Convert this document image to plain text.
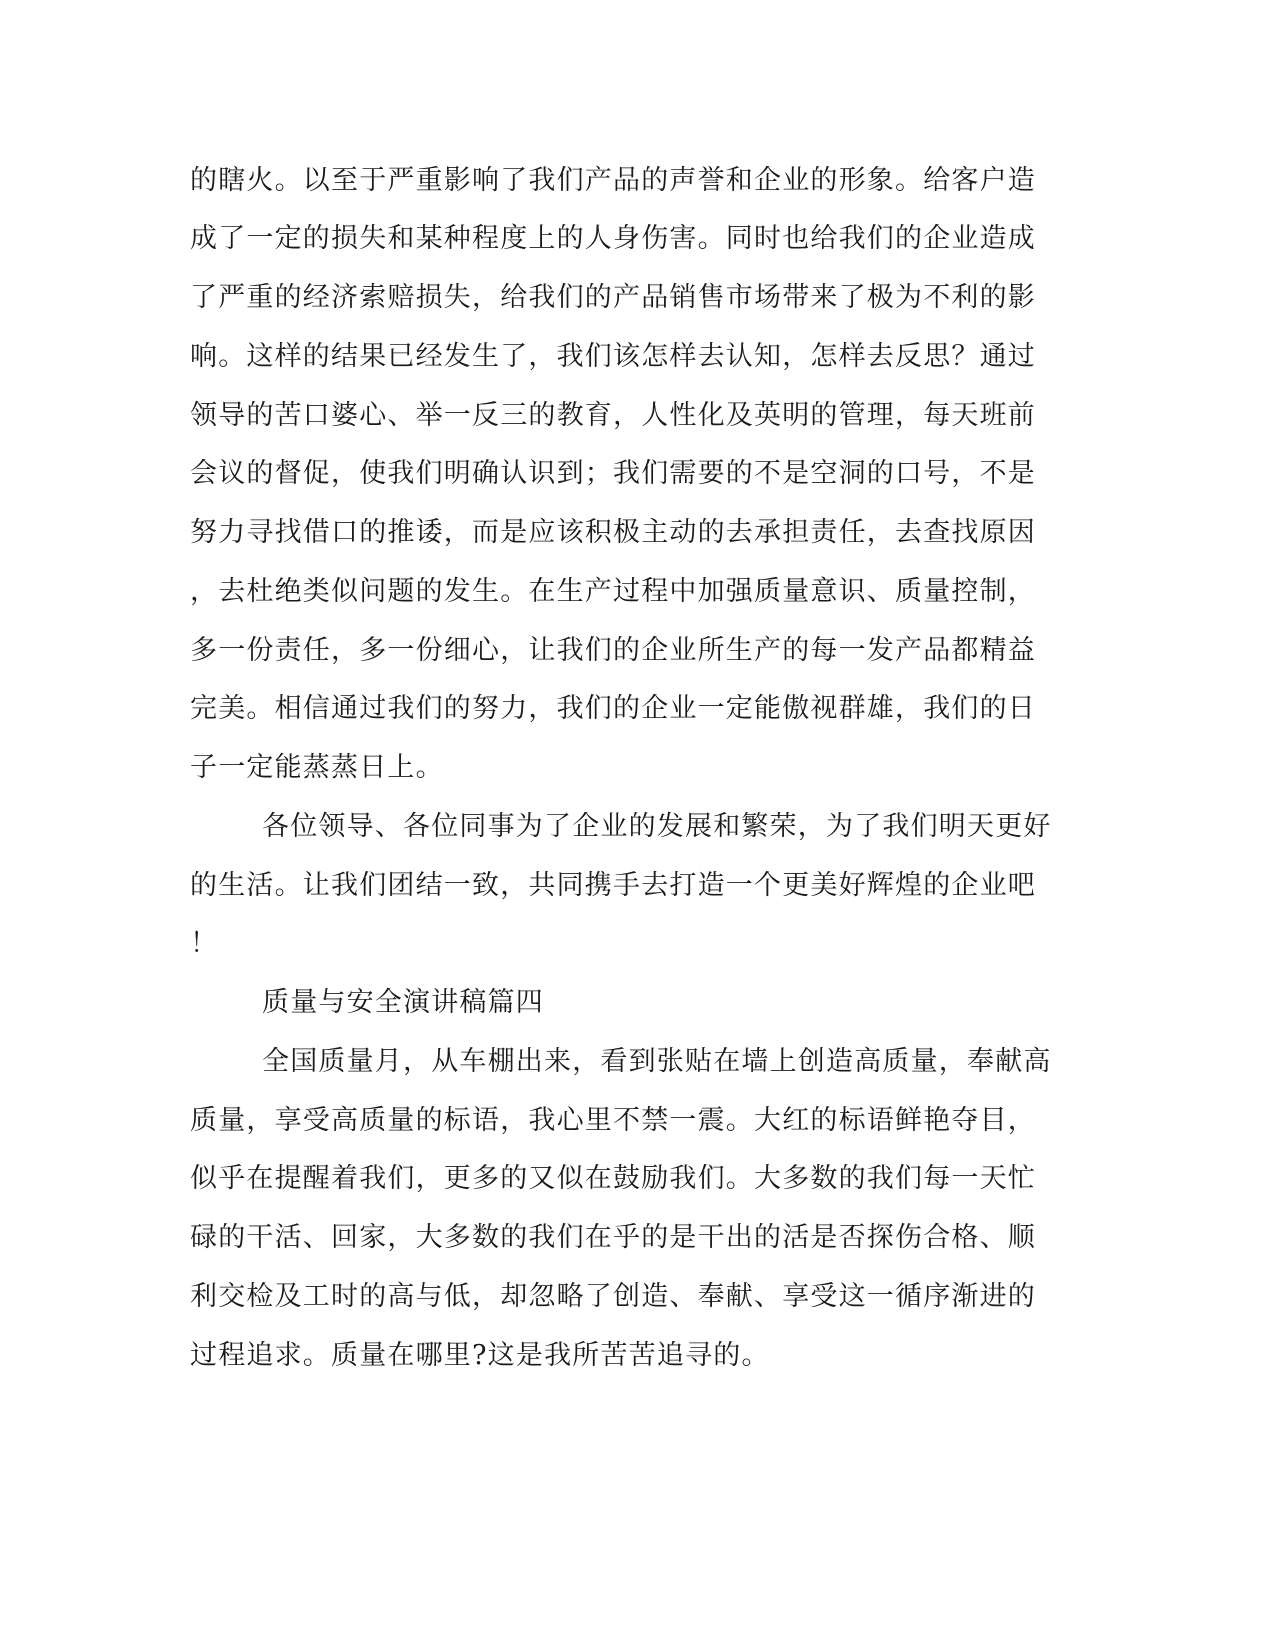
的瞎火。以至于严重影响了我们产品的声誉和企业的形象。给客户造
成了一定的损失和某种程度上的人身伤害。同时也给我们的企业造成
了严重的经济索赔损失，给我们的产品销售市场带来了极为不利的影
响。这样的结果已经发生了，我们该怎样去认知，怎样去反思？通过
领导的苦口婆心、举一反三的教育，人性化及英明的管理，每天班前
会议的督促，使我们明确认识到；我们需要的不是空洞的口号，不是
努力寻找借口的推诿，而是应该积极主动的去承担责任，去查找原因
，去杜绝类似问题的发生。在生产过程中加强质量意识、质量控制，
多一份责任，多一份细心，让我们的企业所生产的每一发产品都精益
完美。相信通过我们的努力，我们的企业一定能傲视群雄，我们的日
子一定能蒸蒸日上。
各位领导、各位同事为了企业的发展和繁荣，为了我们明天更好
的生活。让我们团结一致，共同携手去打造一个更美好辉煌的企业吧
！
质量与安全演讲稿篇四
全国质量月，从车棚出来，看到张贴在墙上创造高质量，奉献高
质量，享受高质量的标语，我心里不禁一震。大红的标语鲜艳夺目，
似乎在提醒着我们，更多的又似在鼓励我们。大多数的我们每一天忙
碌的干活、回家，大多数的我们在乎的是干出的活是否探伤合格、顺
利交检及工时的高与低，却忽略了创造、奉献、享受这一循序渐进的
过程追求。质量在哪里?这是我所苦苦追寻的。
